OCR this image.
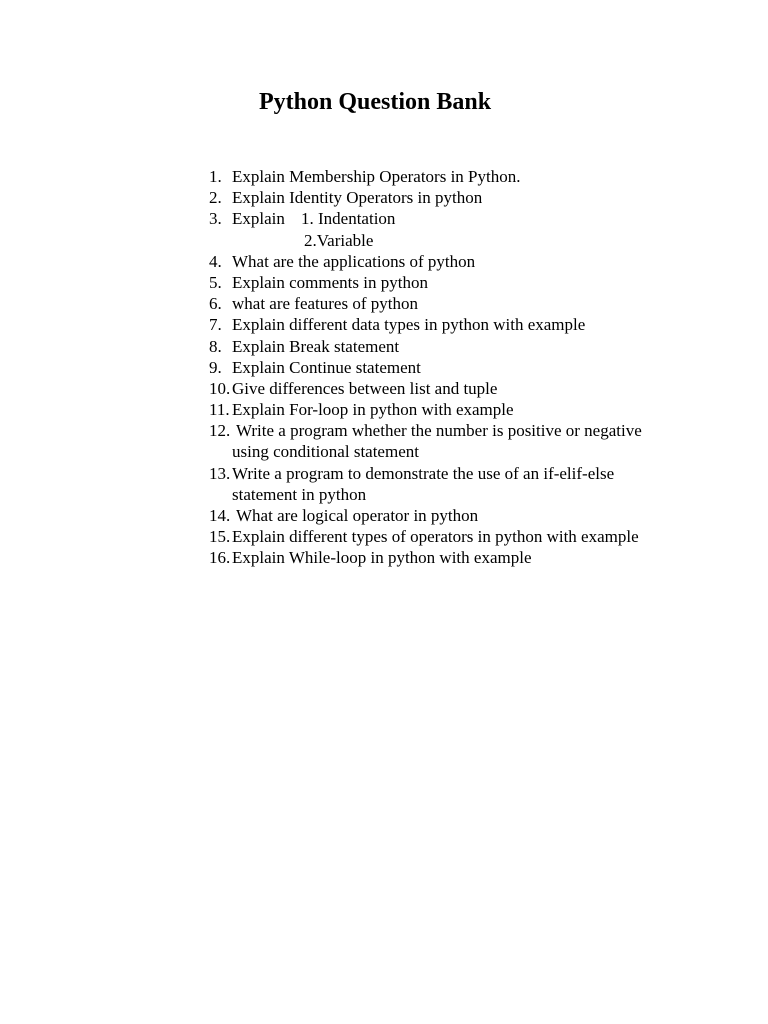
Python Question Bank
1. Explain Membership Operators in Python.
2. Explain Identity Operators in python
3. Explain 1. Indentation
2.Variable
4. What are the applications of python
5. Explain comments in python
6. what are features of python
7. Explain different data types in python with example
8. Explain Break statement
9. Explain Continue statement
10. Give differences between list and tuple
11. Explain For-loop in python with example
12. Write a program whether the number is positive or negative
using conditional statement
13. Write a program to demonstrate the use of an if-elif-else
statement in python
14. What are logical operator in python
15. Explain different types of operators in python with example
16. Explain While-loop in python with example
